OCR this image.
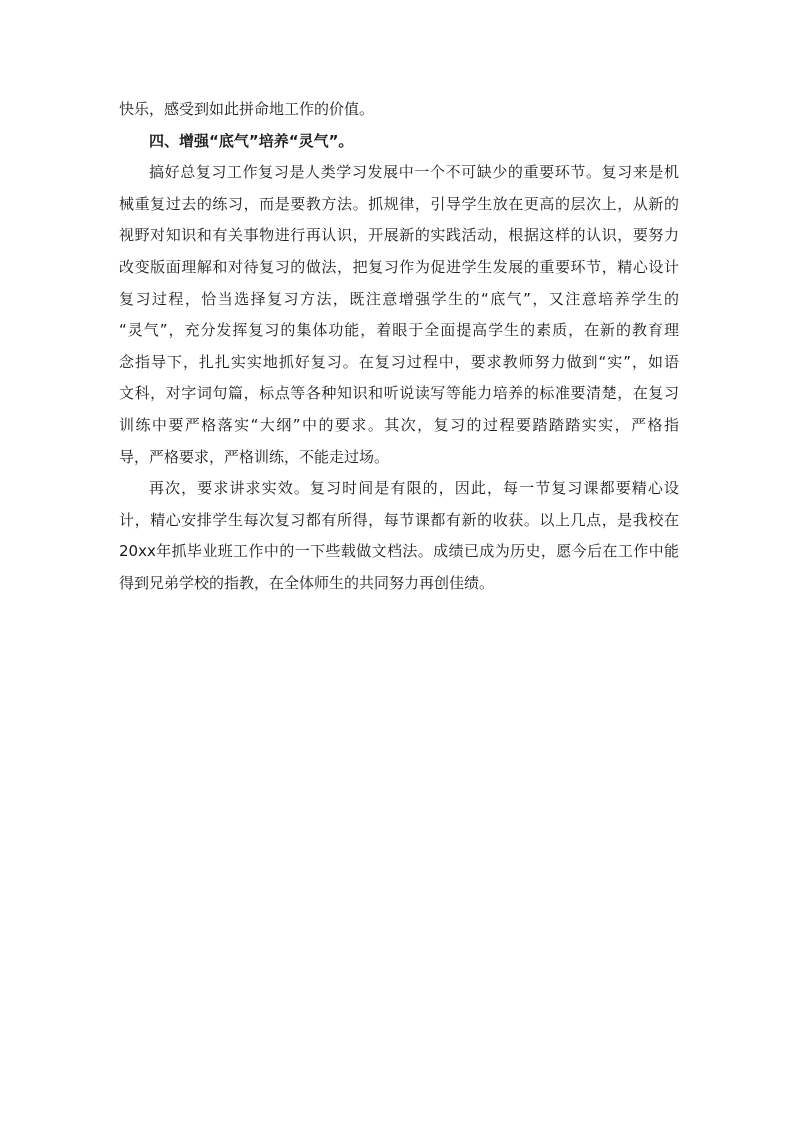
快乐，感受到如此拼命地工作的价值。
四、增强“底气”培养“灵气”。
搞好总复习工作复习是人类学习发展中一个不可缺少的重要环节。复习来是机
械重复过去的练习，而是要教方法。抓规律，引导学生放在更高的层次上，从新的
视野对知识和有关事物进行再认识，开展新的实践活动，根据这样的认识，要努力
改变版面理解和对待复习的做法，把复习作为促进学生发展的重要环节，精心设计
复习过程，恰当选择复习方法，既注意增强学生的“底气”，又注意培养学生的
“灵气”，充分发挥复习的集体功能，着眼于全面提高学生的素质，在新的教育理
念指导下，扎扎实实地抓好复习。在复习过程中，要求教师努力做到“实”，如语
文科，对字词句篇，标点等各种知识和听说读写等能力培养的标准要清楚，在复习
训练中要严格落实“大纲”中的要求。其次，复习的过程要踏踏踏实实，严格指
导，严格要求，严格训练，不能走过场。
再次，要求讲求实效。复习时间是有限的，因此，每一节复习课都要精心设
计，精心安排学生每次复习都有所得，每节课都有新的收获。以上几点，是我校在
20xx年抓毕业班工作中的一下些载做文档法。成绩已成为历史，愿今后在工作中能
得到兄弟学校的指教，在全体师生的共同努力再创佳绩。
